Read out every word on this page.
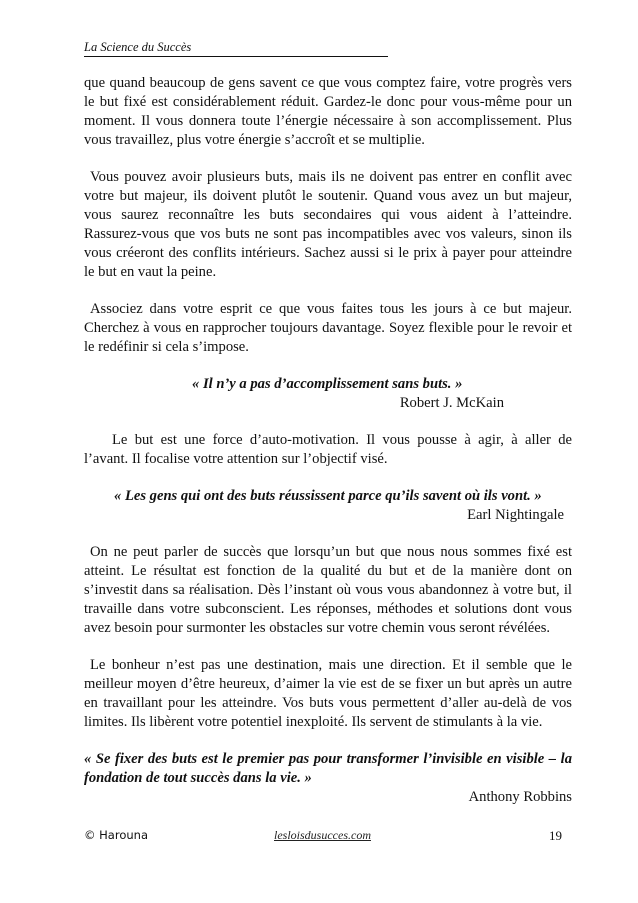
La Science du Succès

que quand beaucoup de gens savent ce que vous comptez faire, votre progrès vers le but fixé est considérablement réduit. Gardez-le donc pour vous-même pour un moment. Il vous donnera toute l’énergie nécessaire à son accomplissement. Plus vous travaillez, plus votre énergie s’accroît et se multiplie.

Vous pouvez avoir plusieurs buts, mais ils ne doivent pas entrer en conflit avec votre but majeur, ils doivent plutôt le soutenir. Quand vous avez un but majeur, vous saurez reconnaître les buts secondaires qui vous aident à l’atteindre. Rassurez-vous que vos buts ne sont pas incompatibles avec vos valeurs, sinon ils vous créeront des conflits intérieurs. Sachez aussi si le prix à payer pour atteindre le but en vaut la peine.

Associez dans votre esprit ce que vous faites tous les jours à ce but majeur. Cherchez à vous en rapprocher toujours davantage. Soyez flexible pour le revoir et le redéfinir si cela s’impose.

« Il n’y a pas d’accomplissement sans buts. »

Robert J. McKain

Le but est une force d’auto-motivation. Il vous pousse à agir, à aller de l’avant. Il focalise votre attention sur l’objectif visé.

« Les gens qui ont des buts réussissent parce qu’ils savent où ils vont. »

Earl Nightingale

On ne peut parler de succès que lorsqu’un but que nous nous sommes fixé est atteint. Le résultat est fonction de la qualité du but et de la manière dont on s’investit dans sa réalisation. Dès l’instant où vous vous abandonnez à votre but, il travaille dans votre subconscient. Les réponses, méthodes et solutions dont vous avez besoin pour surmonter les obstacles sur votre chemin vous seront révélées.

Le bonheur n’est pas une destination, mais une direction. Et il semble que le meilleur moyen d’être heureux, d’aimer la vie est de se fixer un but après un autre en travaillant pour les atteindre. Vos buts vous permettent d’aller au-delà de vos limites. Ils libèrent votre potentiel inexploité. Ils servent de stimulants à la vie.

« Se fixer des buts est le premier pas pour transformer l’invisible en visible – la fondation de tout succès dans la vie. »

Anthony Robbins

© Harouna	lesloisdusucces.com	19
